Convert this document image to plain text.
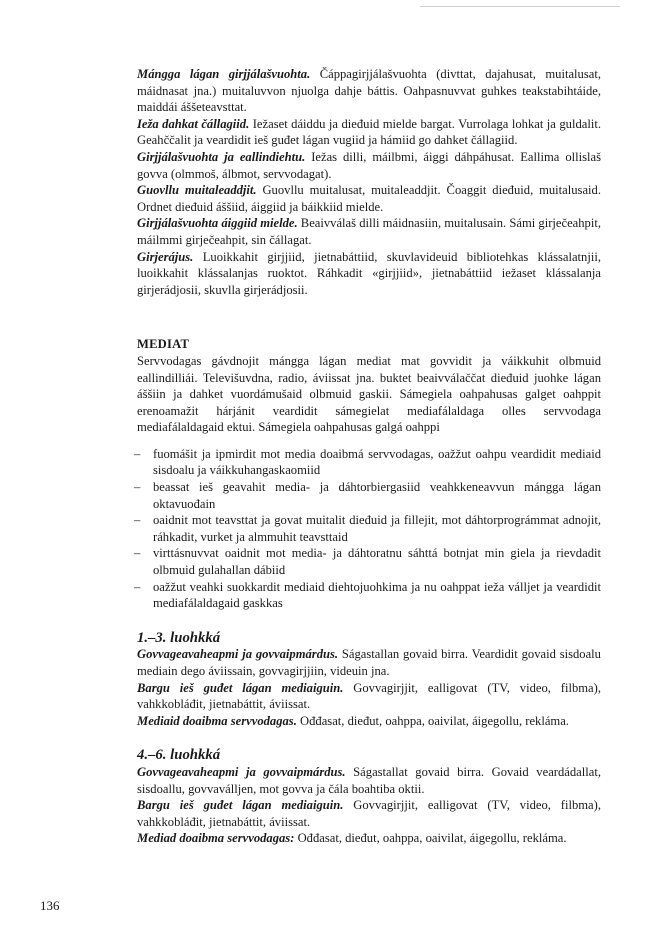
Mángga lágan girjjálašvuohta. Čáppagirjjálašvuohta (divttat, dajahusat, muitalusat, máidnasat jna.) muitaluvvon njuolga dahje báttis. Oahpasnuvvat guhkes teakstabihtáide, maiddái áššeteavsttat.

Ieža dahkat čállagiid. Iežaset dáiddu ja dieđuid mielde bargat. Vurrolaga lohkat ja guldalit. Geahččalit ja veardidit ieš guđet lágan vugiid ja hámiid go dahket čállagiid.

Girjjálašvuohta ja eallindiehtu. Iežas dilli, máilbmi, áiggi dáhpáhusat. Eallima ollislaš govva (olmmoš, álbmot, servvodagat).

Guovllu muitaleaddjit. Guovllu muitalusat, muitaleaddjit. Čoaggit dieđuid, muitalusaid. Ordnet dieđuid áššiid, áiggiid ja báikkiid mielde.

Girjjálašvuohta áiggiid mielde. Beaivválaš dilli máidnasiin, muitalusain. Sámi girječeahpit, máilmmi girječeahpit, sin čállagat.

Girjerájus. Luoikkahit girjjiid, jietnabáttiid, skuvlavideuid bibliotehkas klássalatnjii, luoikkahit klássalanjas ruoktot. Ráhkadit «girjjiid», jietnabáttiid iežaset klássalanja girjerádjosii, skuvlla girjerádjosii.

MEDIAT

Servvodagas gávdnojit mángga lágan mediat mat govvidit ja váikkuhit olbmuid eallindilliái. Televišuvdna, radio, áviissat jna. buktet beaivválaččat dieđuid juohke lágan áššiin ja dahket vuordámušaid olbmuid gaskii. Sámegiela oahpahusas galget oahppit erenoamažit hárjánit veardidit sámegielat mediafálaldaga olles servvodaga mediafálaldagaid ektui. Sámegiela oahpahusas galgá oahppi

– fuomášit ja ipmirdit mot media doaibmá servvodagas, oažžut oahpu veardidit mediaid sisdoalu ja váikkuhangaskaomiid
– beassat ieš geavahit media- ja dáhtorbiergasiid veahkkeneavvun mángga lágan oktavuođain
– oaidnit mot teavsttat ja govat muitalit dieđuid ja fillejit, mot dáhtorprográmmat adnojit, ráhkadit, vurket ja almmuhit teavsttaid
– virttásnuvvat oaidnit mot media- ja dáhtoratnu sáhttá botnjat min giela ja rievdadit olbmuid gulahallan dábiid
– oažžut veahki suokkardit mediaid diehtojuohkima ja nu oahppat ieža válljet ja veardidit mediafálaldagaid gaskkas
1.–3. luohkká

Govvageavaheapmi ja govvaipmárdus. Ságastallan govaid birra. Veardidit govaid sisdoalu mediain dego áviissain, govvagirjjiin, videuin jna.

Bargu ieš guđet lágan mediaiguin. Govvagirjjit, ealligovat (TV, video, filbma), vahkkobláđit, jietnabáttit, áviissat.

Mediaid doaibma servvodagas. Ođđasat, dieđut, oahppa, oaivilat, áigegollu, rekláma.

4.–6. luohkká

Govvageavaheapmi ja govvaipmárdus. Ságastallat govaid birra. Govaid veardádallat, sisdoallu, govvaválljen, mot govva ja čála boahtiba oktii.

Bargu ieš guđet lágan mediaiguin. Govvagirjjit, ealligovat (TV, video, filbma), vahkkobláđit, jietnabáttit, áviissat.

Mediad doaibma servvodagas: Ođđasat, dieđut, oahppa, oaivilat, áigegollu, rekláma.

136
